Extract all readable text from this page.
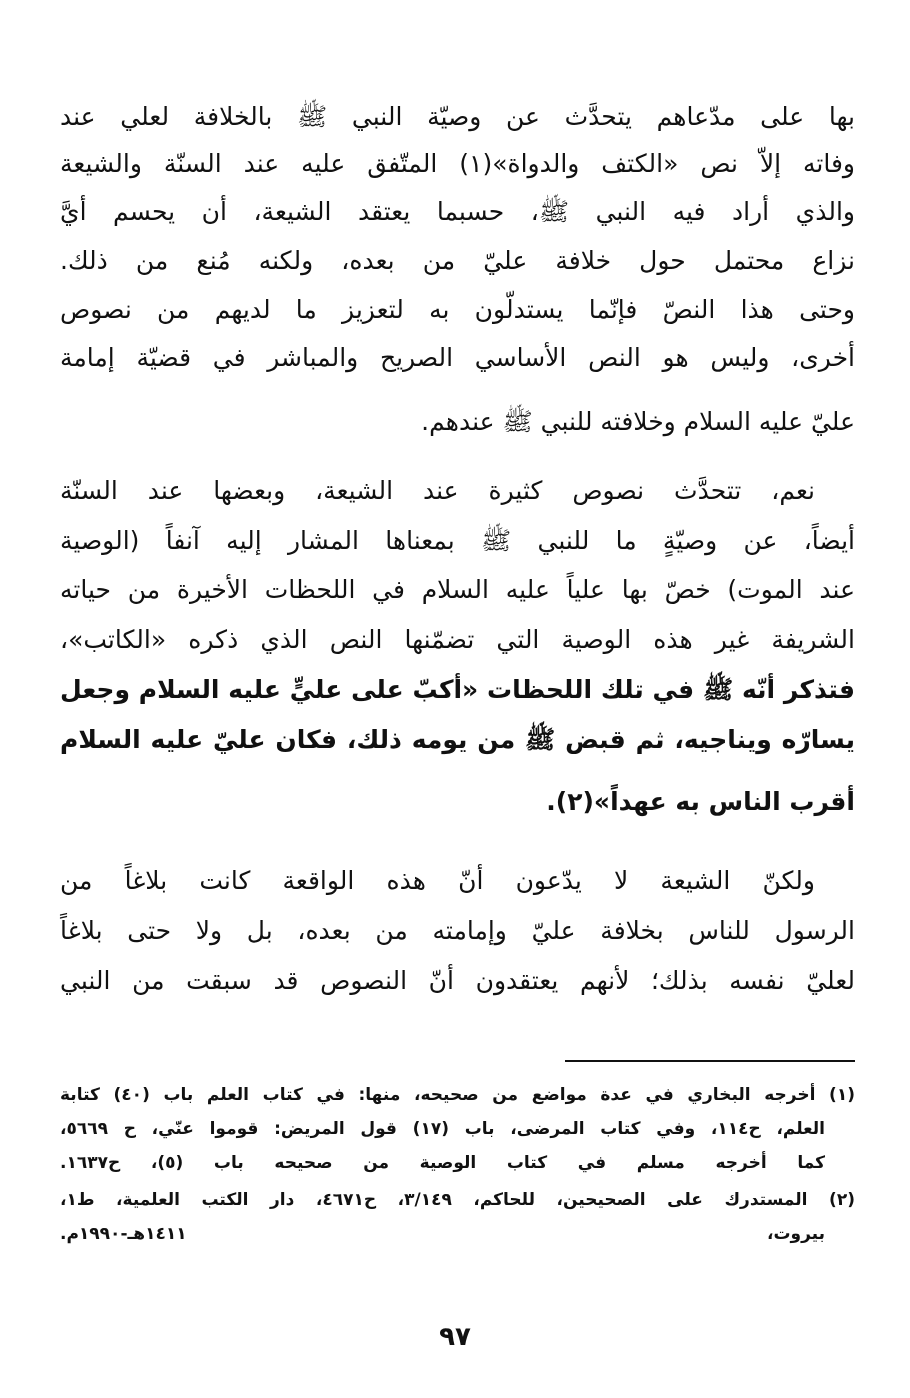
بها على مدّعاهم يتحدَّث عن وصيّة النبي ﷺ بالخلافة لعلي عند
وفاته إلاّ نص «الكتف والدواة»(١) المتّفق عليه عند السنّة والشيعة
والذي أراد فيه النبي ﷺ، حسبما يعتقد الشيعة، أن يحسم أيَّ
نزاع محتمل حول خلافة عليّ من بعده، ولكنه مُنع من ذلك.
وحتى هذا النصّ فإنّما يستدلّون به لتعزيز ما لديهم من نصوص
أخرى، وليس هو النص الأساسي الصريح والمباشر في قضيّة إمامة
عليّ عليه السلام وخلافته للنبي ﷺ عندهم.
نعم، تتحدَّث نصوص كثيرة عند الشيعة، وبعضها عند السنّة
أيضاً، عن وصيّةٍ ما للنبي ﷺ بمعناها المشار إليه آنفاً (الوصية
عند الموت) خصّ بها علياً عليه السلام في اللحظات الأخيرة من حياته
الشريفة غير هذه الوصية التي تضمّنها النص الذي ذكره «الكاتب»،
فتذكر أنّه ﷺ في تلك اللحظات «أكبّ على عليٍّ عليه السلام وجعل
يسارّه ويناجيه، ثم قبض ﷺ من يومه ذلك، فكان عليّ عليه السلام
أقرب الناس به عهداً»(٢).
ولكنّ الشيعة لا يدّعون أنّ هذه الواقعة كانت بلاغاً من
الرسول للناس بخلافة عليّ وإمامته من بعده، بل ولا حتى بلاغاً
لعليّ نفسه بذلك؛ لأنهم يعتقدون أنّ النصوص قد سبقت من النبي
(١) أخرجه البخاري في عدة مواضع من صحيحه، منها: في كتاب العلم باب (٤٠) كتابة
العلم، ح١١٤، وفي كتاب المرضى، باب (١٧) قول المريض: قوموا عنّي، ح ٥٦٦٩،
كما أخرجه مسلم في كتاب الوصية من صحيحه باب (٥)، ح١٦٣٧.
(٢) المستدرك على الصحيحين، للحاكم، ٣/١٤٩، ح٤٦٧١، دار الكتب العلمية، ط١،
بيروت، ١٤١١هـ-١٩٩٠م.
٩٧
